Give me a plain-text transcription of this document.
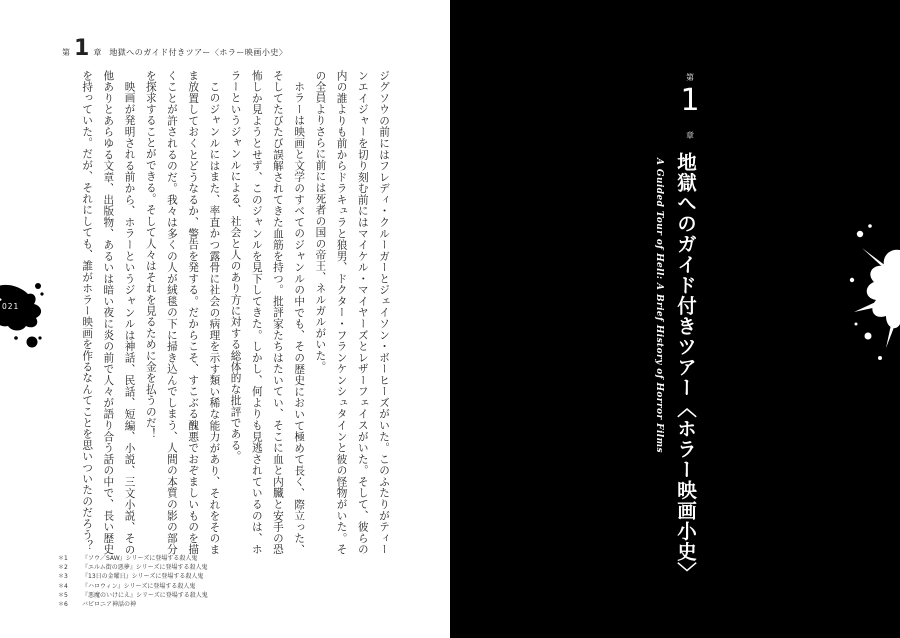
第 1 章 地獄へのガイド付きツアー〈ホラー映画小史〉

ジグソウの前にはフレディ・クルーガーとジェイソン・ボーヒーズがいた。このふたりがティーンエイジャーを切り刻む前にはマイケル・マイヤーズとレザーフェイスがいた。そして、彼らの内の誰よりも前からドラキュラと狼男、ドクター・フランケンシュタインと彼の怪物がいた。その全員よりさらに前には死者の国の帝王、ネルガルがいた。

ホラーは映画と文学のすべてのジャンルの中でも、その歴史において極めて長く、際立った、そしてたびたび誤解されてきた血筋を持つ。批評家たちはたいてい、そこに血と内臓と安手の恐怖しか見ようとせず、このジャンルを見下してきた。しかし、何よりも見逃されているのは、ホラーというジャンルによる、社会と人のあり方に対する総体的な批評である。

このジャンルにはまた、率直かつ露骨に社会の病理を示す類い稀な能力があり、それをそのまま放置しておくとどうなるか、警告を発する。だからこそ、すこぶる醜悪でおぞましいものを描くことが許されるのだ。我々は多くの人が絨毯の下に掃き込んでしまう、人間の本質の影の部分を探求することができる。そして人々はそれを見るために金を払うのだ！

映画が発明される前から、ホラーというジャンルは神話、民話、短編、小説、三文小説、その他ありとあらゆる文章、出版物、あるいは暗い夜に炎の前で人々が語り合う話の中で、長い歴史を持っていた。だが、それにしても、誰がホラー映画を作るなんてことを思いついたのだろう？

＊1	『ソウ／SAW』シリーズに登場する殺人鬼
＊2	『エルム街の悪夢』シリーズに登場する殺人鬼
＊3	『13日の金曜日』シリーズに登場する殺人鬼
＊4	『ハロウィン』シリーズに登場する殺人鬼
＊5	『悪魔のいけにえ』シリーズに登場する殺人鬼
＊6	バビロニア神話の神
021
第
1
章
地獄へのガイド付きツアー〈ホラー映画小史〉
A Guided Tour of Hell: A Brief History of Horror Films
